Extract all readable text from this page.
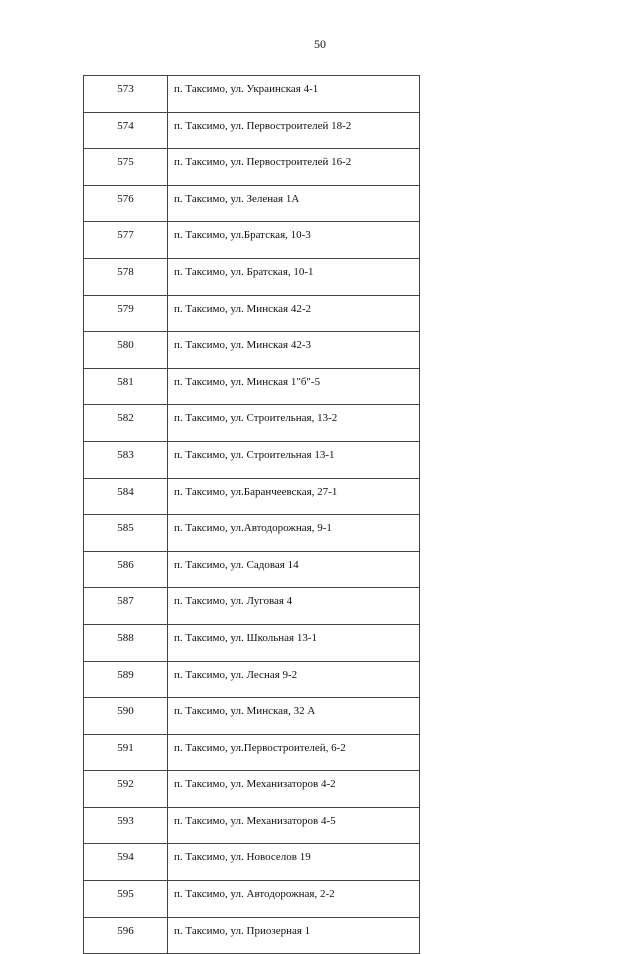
50
573	п. Таксимо, ул. Украинская 4-1
574	п. Таксимо, ул. Первостроителей 18-2
575	п. Таксимо, ул. Первостроителей 16-2
576	п. Таксимо, ул. Зеленая 1А
577	п. Таксимо, ул.Братская, 10-3
578	п. Таксимо, ул. Братская, 10-1
579	п. Таксимо, ул. Минская 42-2
580	п. Таксимо, ул. Минская 42-3
581	п. Таксимо, ул. Минская 1"б"-5
582	п. Таксимо, ул. Строительная, 13-2
583	п. Таксимо, ул. Строительная 13-1
584	п. Таксимо, ул.Баранчеевская, 27-1
585	п. Таксимо, ул.Автодорожная, 9-1
586	п. Таксимо, ул. Садовая 14
587	п. Таксимо, ул. Луговая 4
588	п. Таксимо, ул. Школьная 13-1
589	п. Таксимо, ул. Лесная 9-2
590	п. Таксимо, ул. Минская, 32 А
591	п. Таксимо, ул.Первостроителей, 6-2
592	п. Таксимо, ул. Механизаторов 4-2
593	п. Таксимо, ул. Механизаторов 4-5
594	п. Таксимо, ул. Новоселов 19
595	п. Таксимо, ул. Автодорожная, 2-2
596	п. Таксимо, ул. Приозерная 1
